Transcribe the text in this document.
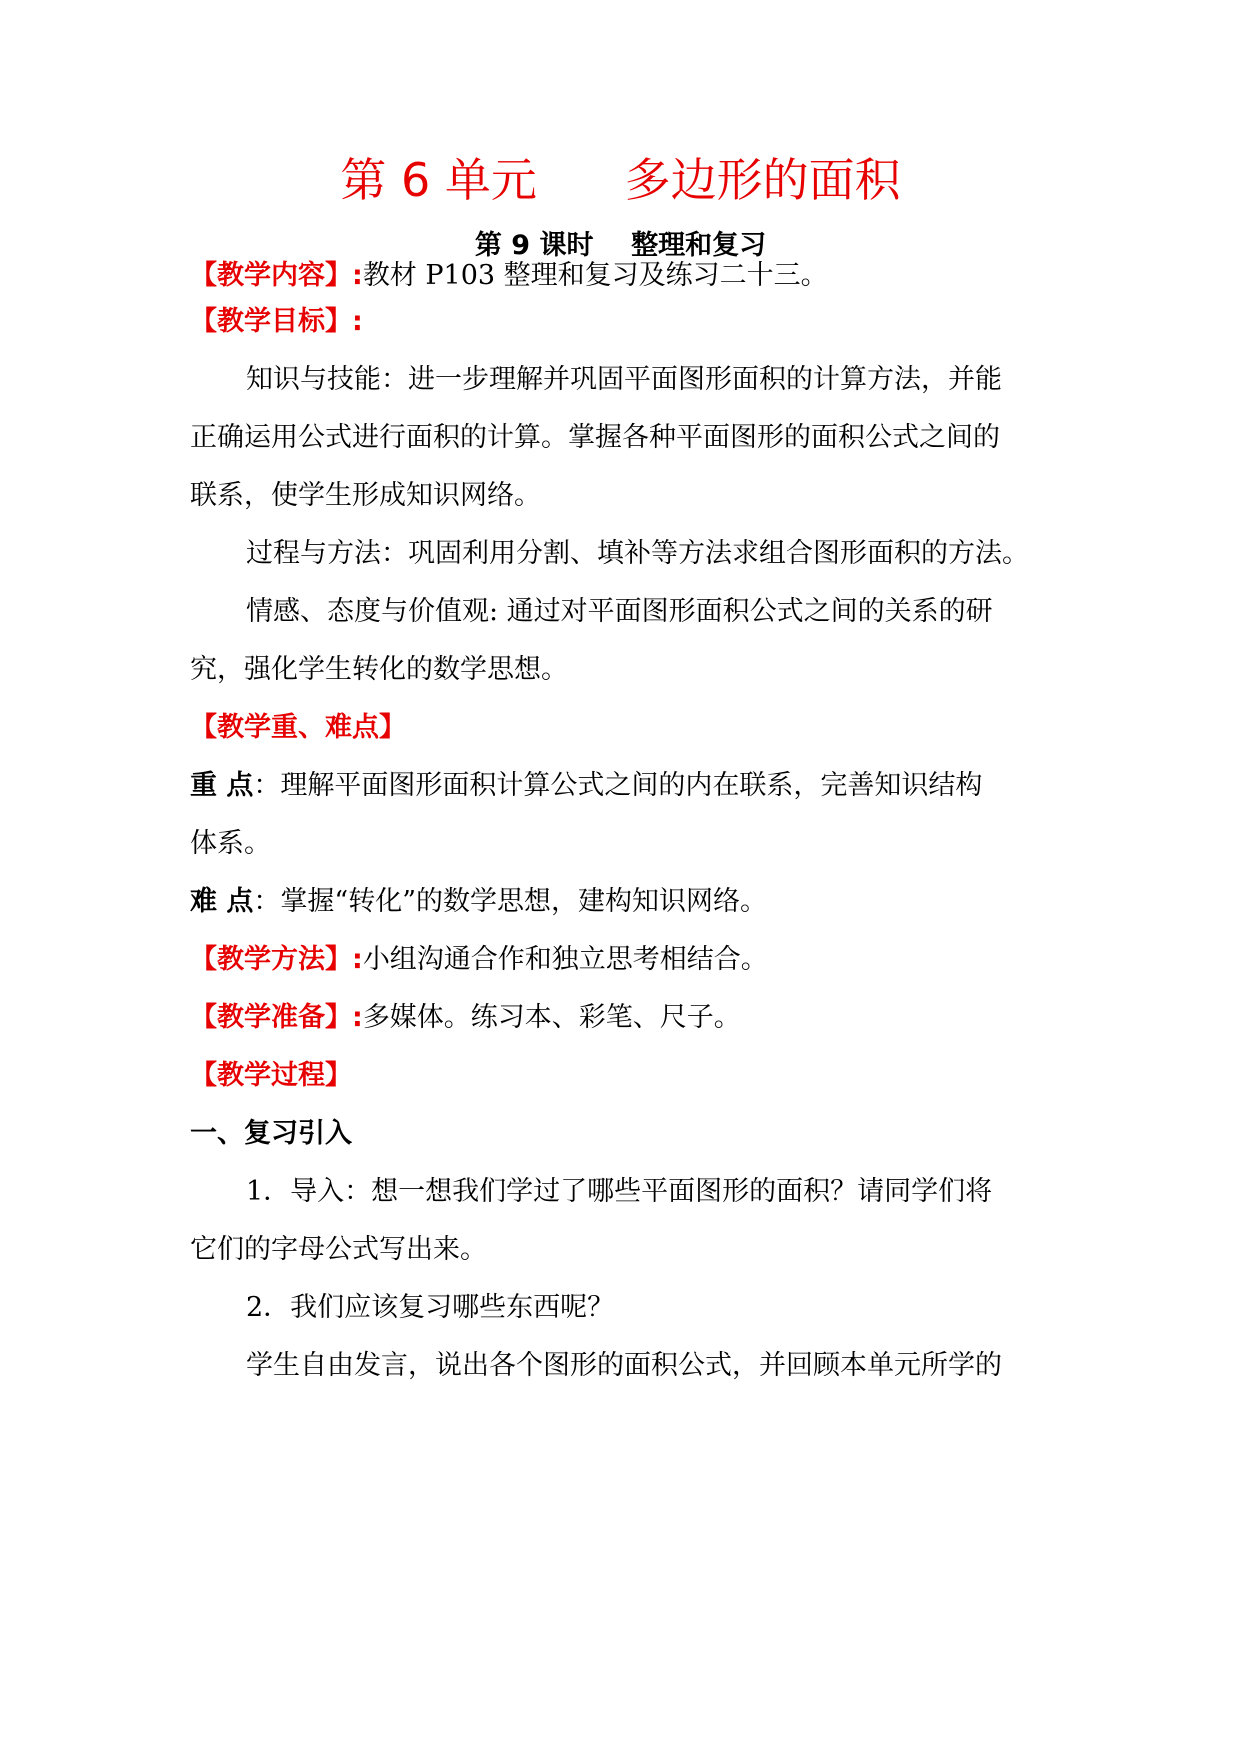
第 6 单元      多边形的面积
第 9 课时    整理和复习
【教学内容】:教材 P103 整理和复习及练习二十三。
【教学目标】:
知识与技能：进一步理解并巩固平面图形面积的计算方法，并能
正确运用公式进行面积的计算。掌握各种平面图形的面积公式之间的
联系，使学生形成知识网络。
过程与方法：巩固利用分割、填补等方法求组合图形面积的方法。
情感、态度与价值观: 通过对平面图形面积公式之间的关系的研
究，强化学生转化的数学思想。
【教学重、难点】
重 点：理解平面图形面积计算公式之间的内在联系，完善知识结构
体系。
难 点：掌握“转化”的数学思想，建构知识网络。
【教学方法】:小组沟通合作和独立思考相结合。
【教学准备】:多媒体。练习本、彩笔、尺子。
【教学过程】
一、复习引入
1．导入：想一想我们学过了哪些平面图形的面积？请同学们将
它们的字母公式写出来。
2．我们应该复习哪些东西呢？
学生自由发言，说出各个图形的面积公式，并回顾本单元所学的
